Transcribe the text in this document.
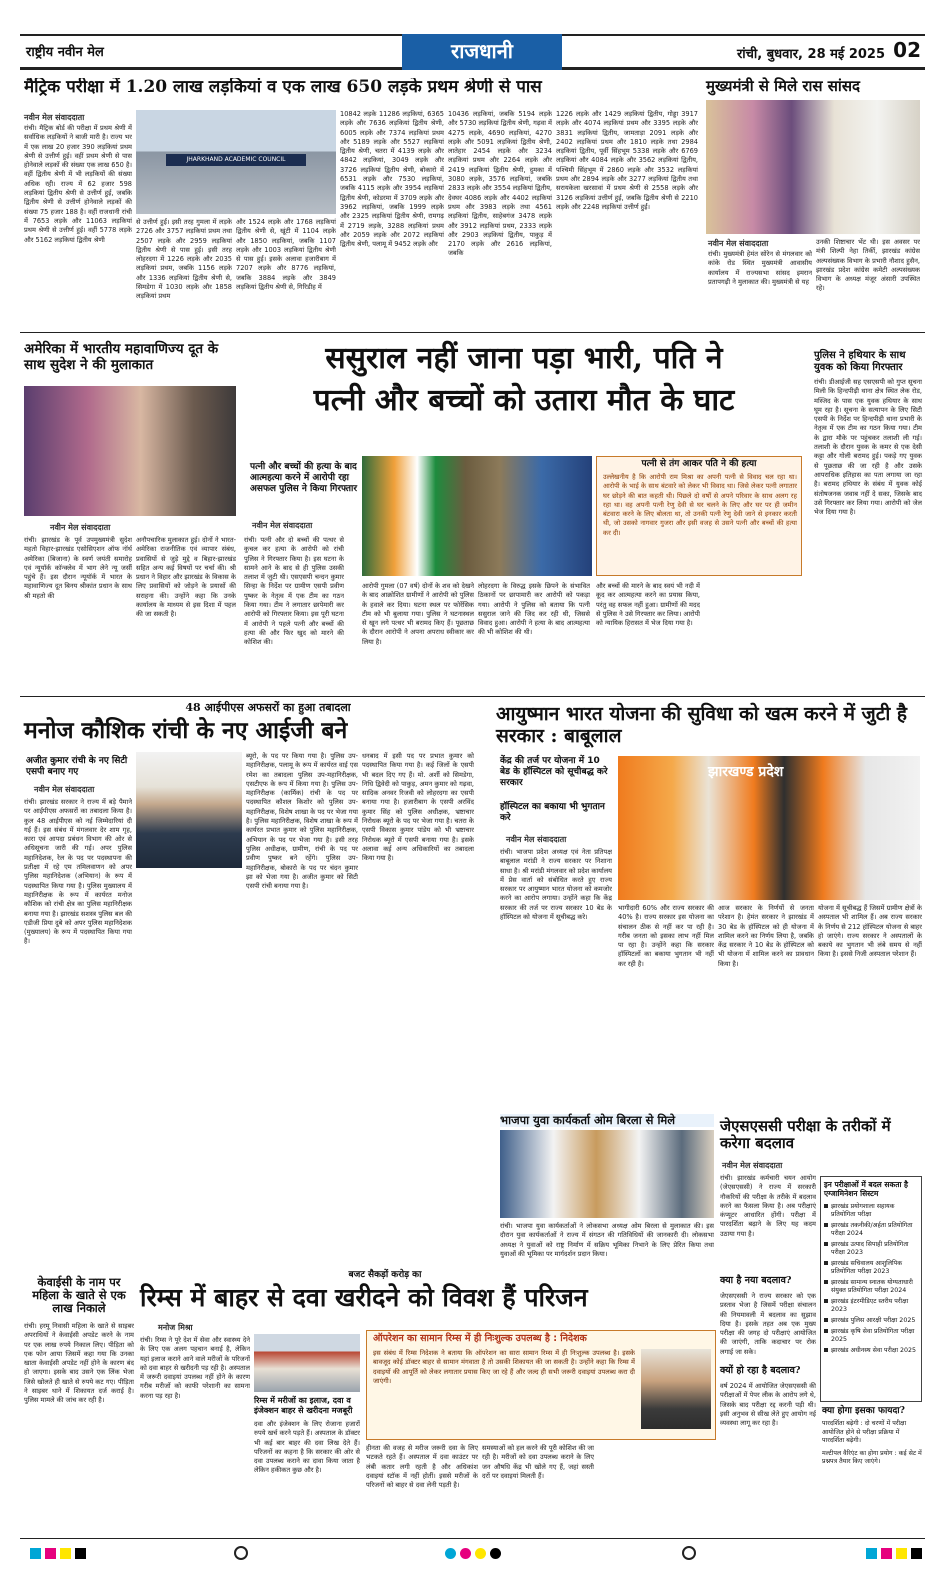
राष्ट्रीय नवीन मेल	राजधानी	रांची, बुधवार, 28 मई 2025 02
मैट्रिक परीक्षा में 1.20 लाख लड़कियां व एक लाख 650 लड़के प्रथम श्रेणी से पास
नवीन मेल संवाददाता
रांची। मैट्रिक बोर्ड की परीक्षा में प्रथम श्रेणी में सर्वाधिक लड़कियों ने बाजी मारी है। राज्य भर में एक लाख 20 हजार 390 लड़कियां प्रथम श्रेणी से उत्तीर्ण हुई। वहीं प्रथम श्रेणी से पास होनेवाले लड़कों की संख्या एक लाख 650 है। वहीं द्वितीय श्रेणी में भी लड़कियों की संख्या अधिक रही। राज्य में 62 हजार 598 लड़कियां द्वितीय श्रेणी से उत्तीर्ण हुई, जबकि द्वितीय श्रेणी से उत्तीर्ण होनेवाले लड़कों की संख्या 75 हजार 188 है। वहीं राजधानी रांची में 7653 लड़के और 11063 लड़कियां प्रथम श्रेणी से उत्तीर्ण हुई। वहीं 5778 लड़के और 5162 लड़कियां द्वितीय श्रेणी
JHARKHAND ACADEMIC COUNCIL
से उत्तीर्ण हुईं। इसी तरह गुमला में लड़के 2726 और 3757 लड़कियां प्रथम तथा 2507 लड़के और 2959 लड़कियां द्वितीय श्रेणी से पास हुई। इसी तरह लोहरदगा में 1226 लड़के और 2035 लड़कियां प्रथम, जबकि 1156 लड़के और 1336 लड़कियां द्वितीय श्रेणी से, सिमडेगा में 1030 लड़के और 1858 लड़कियां प्रथम
और 1524 लड़के और 1768 लड़कियां द्वितीय श्रेणी से, खूंटी में 1104 लड़के और 1850 लड़कियां, जबकि 1107 लड़के और 1003 लड़कियां द्वितीय श्रेणी से पास हुई। इसके अलावा हजारीबाग में 7207 लड़के और 8776 लड़कियां, जबकि 3884 लड़के और 3849 लड़कियां द्वितीय श्रेणी से, गिरिडीह में
10842 लड़के 11286 लड़कियां, 6365 लड़के और 7636 लड़कियां द्वितीय श्रेणी, 6005 लड़के और 7374 लड़कियां प्रथम और 5189 लड़के और 5527 लड़कियां द्वितीय श्रेणी, चतरा में 4139 लड़के और 4842 लड़कियां, 3049 लड़के और 3726 लड़कियां द्वितीय श्रेणी, बोकारो में 6531 लड़के और 7530 लड़कियां, जबकि 4115 लड़के और 3954 लड़कियां द्वितीय श्रेणी, कोडरमा में 3709 लड़के और 3962 लड़कियां, जबकि 1999 लड़के और 2325 लड़कियां द्वितीय श्रेणी, रामगढ़ में 2719 लड़के, 3288 लड़कियां प्रथम और 2059 लड़के और 2072 लड़कियां द्वितीय श्रेणी, पलामू में 9452 लड़के और
10436 लड़कियां, जबकि 5194 लड़के और 5730 लड़कियां द्वितीय श्रेणी, गढ़वा में 4275 लड़के, 4690 लड़कियां, 4270 लड़के और 5091 लड़कियां द्वितीय श्रेणी, लातेहार 2454 लड़के और 3234 लड़कियां प्रथम और 2264 लड़के और 2419 लड़कियां द्वितीय श्रेणी, दुमका में 3080 लड़के, 3576 लड़कियां, जबकि 2833 लड़के और 3554 लड़कियां द्वितीय, देवघर 4086 लड़के और 4402 लड़कियां प्रथम और 3983 लड़के तथा 4561 लड़कियां द्वितीय, साहेबगंज 3478 लड़के और 3912 लड़कियां प्रथम, 2333 लड़के और 2903 लड़कियां द्वितीय, पाकुड़ में 2170 लड़के और 2616 लड़कियां, जबकि
1226 लड़के और 1429 लड़कियां द्वितीय, गोड्डा 3917 लड़के और 4074 लड़कियां प्रथम और 3395 लड़के और 3831 लड़कियां द्वितीय, जामताड़ा 2091 लड़के और 2402 लड़कियां प्रथम और 1810 लड़के तथा 2984 लड़कियां द्वितीय, पूर्वी सिंहभूम 5338 लड़के और 6769 लड़कियां और 4084 लड़के और 3562 लड़कियां द्वितीय, पश्चिमी सिंहभूम में 2860 लड़के और 3532 लड़कियां प्रथम और 2894 लड़के और 3277 लड़कियां द्वितीय तथा सरायकेला खरसावां में प्रथम श्रेणी से 2558 लड़के और 3126 लड़कियां उत्तीर्ण हुई, जबकि द्वितीय श्रेणी से 2210 लड़के और 2248 लड़कियां उत्तीर्ण हुईं।
मुख्यमंत्री से मिले रास सांसद
नवीन मेल संवाददाता
रांची। मुख्यमंत्री हेमंत सोरेन से मंगलवार को कांके रोड स्थित मुख्यमंत्री आवासीय कार्यालय में राज्यसभा सांसद इमरान प्रतापगढ़ी ने मुलाकात की। मुख्यमंत्री से यह
उनकी शिष्टाचार भेंट थी। इस अवसर पर मंत्री शिल्पी नेहा तिर्की, झारखंड कांग्रेस अल्पसंख्यक विभाग के प्रभारी नौशाद हुसैन, झारखंड प्रदेश कांग्रेस कमेटी अल्पसंख्यक विभाग के अध्यक्ष मंजूर अंसारी उपस्थित रहे।
अमेरिका में भारतीय महावाणिज्य दूत के साथ सुदेश ने की मुलाकात
नवीन मेल संवाददाता
रांची। झारखंड के पूर्व उपमुख्यमंत्री सुदेश महतो विहार-झारखंड एसोसिएशन ऑफ नॉर्थ अमेरिका (बिजाना) के स्वर्ण जयंती समारोह एवं न्यूयॉर्क कॉन्क्लेव में भाग लेने न्यू जर्सी पहुंचे हैं। इस दौरान न्यूयॉर्क में भारत के महावाणिज्य दूत बिनय श्रीकांत प्रधान के साथ श्री महतो की
ससुराल नहीं जाना पड़ा भारी, पति ने
पत्नी और बच्चों को उतारा मौत के घाट
पत्नी और बच्चों की हत्या के बाद आत्महत्या करने में आरोपी रहा असफल पुलिस ने किया गिरफ्तार
नवीन मेल संवाददाता
अनौपचारिक मुलाकात हुई। दोनों ने भारत-अमेरिका राजनीतिक एवं व्यापार संबंध, प्रवासियों से जुड़े मुद्दे व बिहार-झारखंड सहित अन्य कई विषयों पर चर्चा की। श्री प्रधान ने विहार और झारखंड के विकास के लिए प्रवासियों को जोड़ने के प्रयासों की सराहना की। उन्होंने कहा कि उनके कार्यालय के माध्यम से इस दिशा में पहल की जा सकती है।
रांची। पत्नी और दो बच्चों की पत्थर से कुचल कर हत्या के आरोपी को रांची पुलिस ने गिरफ्तार किया है। इस घटना के सामने आने के बाद से ही पुलिस उसकी तलाश में जुटी थी। एसएसपी चन्दन कुमार सिन्हा के निर्देश पर ग्रामीण एसपी प्रवीण पुष्कर के नेतृत्व में एक टीम का गठन किया गया। टीम ने लगातार छापेमारी कर आरोपी को गिरफ्तार किया। इस पूरी घटना में आरोपी ने पहले पत्नी और बच्चों की हत्या की और फिर खुद को मारने की कोशिश की।
आरोपी गुमला (07 वर्ष) दोनों के शव को देखने के बाद आक्रोशित ग्रामीणों ने आरोपी को पुलिस के हवाले कर दिया। घटना स्थल पर फोरेंसिक टीम को भी बुलाया गया। पुलिस ने घटनास्थल से खून लगे पत्थर भी बरामद किए हैं। पूछताछ के दौरान आरोपी ने अपना अपराध स्वीकार कर लिया है।
लोहरदगा के विरुद्ध इसके छिपने के संभावित ठिकानों पर छापामारी कर आरोपी को पकड़ा गया। आरोपी ने पुलिस को बताया कि पत्नी ससुराल जाने की जिद कर रही थी, जिससे विवाद हुआ। आरोपी ने हत्या के बाद आत्महत्या की भी कोशिश की थी।
पत्नी से तंग आकर पति ने की हत्या
उल्लेखनीय है कि आरोपी राम मिश्रा का अपनी पत्नी से विवाद चल रहा था। आरोपी के भाई के साथ बंटवारे को लेकर भी विवाद था। जिसे लेकर पत्नी लगातार घर छोड़ने की बात कहती थी। पिछले दो वर्षों से अपने परिवार के साथ अलग रह रहा था। वह अपनी पत्नी रेणु देवी से घर चलने के लिए और घर पर ही जमीन बंटवारा करने के लिए बोलता था, तो उनकी पत्नी रेणु देवी जाने से इनकार करती थी, जो उसको नागवार गुजरा और इसी वजह से उसने पत्नी और बच्चों की हत्या कर दी।
और बच्चों की मारने के बाद स्वयं भी नदी में कूद कर आत्महत्या करने का प्रयास किया, परंतु वह सफल नहीं हुआ। ग्रामीणों की मदद से पुलिस ने उसे गिरफ्तार कर लिया। आरोपी को न्यायिक हिरासत में भेज दिया गया है।
पुलिस ने हथियार के साथ युवक को किया गिरफ्तार
रांची। डीआईजी सह एसएसपी को गुप्त सूचना मिली कि हिन्दपीढ़ी थाना क्षेत्र स्थित लेक रोड, मस्जिद के पास एक युवक हथियार के साथ घूम रहा है। सूचना के सत्यापन के लिए सिटी एसपी के निर्देश पर हिन्दपीढ़ी थाना प्रभारी के नेतृत्व में एक टीम का गठन किया गया। टीम के द्वारा मौके पर पहुंचकर तलाशी ली गई। तलाशी के दौरान युवक के कमर से एक देसी कट्टा और गोली बरामद हुई। पकड़े गए युवक से पूछताछ की जा रही है और उसके आपराधिक इतिहास का पता लगाया जा रहा है। बरामद हथियार के संबंध में युवक कोई संतोषजनक जवाब नहीं दे सका, जिसके बाद उसे गिरफ्तार कर लिया गया। आरोपी को जेल भेज दिया गया है।
48 आईपीएस अफसरों का हुआ तबादला
मनोज कौशिक रांची के नए आईजी बने
अजीत कुमार रांची के नए सिटी एसपी बनाए गए
नवीन मेल संवाददाता
रांची। झारखंड सरकार ने राज्य में बड़े पैमाने पर आईपीएस अफसरों का तबादला किया है। कुल 48 आईपीएस को नई जिम्मेदारियां दी गई हैं। इस संबंध में मंगलवार देर शाम गृह, कारा एवं आपदा प्रबंधन विभाग की ओर से अधिसूचना जारी की गई। अपर पुलिस महानिदेशक, रेल के पद पर पदस्थापना की प्रतीक्षा में रहे एम तमिलवाणन को अपर पुलिस महानिदेशक (अभियान) के रूप में पदस्थापित किया गया है। पुलिस मुख्यालय में महानिरीक्षक के रूप में कार्यरत मनोज कौशिक को रांची क्षेत्र का पुलिस महानिरीक्षक बनाया गया है। झारखंड सशस्त्र पुलिस बल की एडीजी प्रिया दुबे को अपर पुलिस महानिदेशक (मुख्यालय) के रूप में पदस्थापित किया गया है।
ब्यूरो, के पद पर किया गया है। पुलिस उप-महानिरीक्षक, पलामू के रूप में कार्यरत वाई एस रमेश का तबादला पुलिस उप-महानिरीक्षक, एसटीएफ के रूप में किया गया है। पुलिस उप-महानिरीक्षक (कार्मिक) रांची के पद पर पदस्थापित कौशल किशोर को पुलिस उप-महानिरीक्षक, विशेष शाखा के पद पर भेजा गया है। पुलिस महानिरीक्षक, विशेष शाखा के रूप में कार्यरत प्रभात कुमार को पुलिस महानिरीक्षक, अभियान के पद पर भेजा गया है। इसी तरह पुलिस अधीक्षक, ग्रामीण, रांची के पद पर प्रवीण पुष्कर बने रहेंगे। पुलिस उप-महानिरीक्षक, बोकारो के पद पर चंदन कुमार झा को भेजा गया है। अजीत कुमार को सिटी एसपी रांची बनाया गया है।
धनबाद में इसी पद पर प्रभात कुमार को पदस्थापित किया गया है। कई जिलों के एसपी भी बदल दिए गए हैं। मो. अर्शी को सिमडेगा, निधि द्विवेदी को पाकुड़, अमन कुमार को गढ़वा, सादिक अनवर रिजवी को लोहरदगा का एसपी बनाया गया है। हजारीबाग के एसपी अरविंद कुमार सिंह को पुलिस अधीक्षक, भ्रष्टाचार निरोधक ब्यूरो के पद पर भेजा गया है। चतरा के एसपी विकास कुमार पांडेय को भी भ्रष्टाचार निरोधक ब्यूरो में एसपी बनाया गया है। इसके अलावा कई अन्य अधिकारियों का तबादला किया गया है।
आयुष्मान भारत योजना की सुविधा को खत्म करने में जुटी है सरकार : बाबूलाल
केंद्र की तर्ज पर योजना में 10 बेड के हॉस्पिटल को सूचीबद्ध करे सरकार
हॉस्पिटल का बकाया भी भुगतान करे
नवीन मेल संवाददाता
रांची। भाजपा प्रदेश अध्यक्ष एवं नेता प्रतिपक्ष बाबूलाल मरांडी ने राज्य सरकार पर निशाना साधा है। श्री मरांडी मंगलवार को प्रदेश कार्यालय में प्रेस वार्ता को संबोधित करते हुए राज्य सरकार पर आयुष्मान भारत योजना को कमजोर करने का आरोप लगाया। उन्होंने कहा कि केंद्र सरकार की तर्ज पर राज्य सरकार 10 बेड के हॉस्पिटल को योजना में सूचीबद्ध करे।
झारखण्ड प्रदेश
भागीदारी 60% और राज्य सरकार की 40% है। राज्य सरकार इस योजना का संचालन ठीक से नहीं कर पा रही है। गरीब जनता को इसका लाभ नहीं मिल पा रहा है। उन्होंने कहा कि सरकार हॉस्पिटलों का बकाया भुगतान भी नहीं कर रही है।
आज सरकार के निर्णयों से जनता परेशान है। हेमंत सरकार ने झारखंड में 30 बेड के हॉस्पिटल को ही योजना में शामिल करने का निर्णय लिया है, जबकि केंद्र सरकार ने 10 बेड के हॉस्पिटल को भी योजना में शामिल करने का प्रावधान किया है।
योजना में सूचीबद्ध हैं जिसमें ग्रामीण क्षेत्रों के अस्पताल भी शामिल हैं। अब राज्य सरकार के निर्णय से 212 हॉस्पिटल योजना से बाहर हो जाएंगे। राज्य सरकार ने अस्पतालों के बकाये का भुगतान भी लंबे समय से नहीं किया है। इससे निजी अस्पताल परेशान हैं।
भाजपा युवा कार्यकर्ता ओम बिरला से मिले
रांची। भाजपा युवा कार्यकर्ताओं ने लोकसभा अध्यक्ष ओम बिरला से मुलाकात की। इस दौरान युवा कार्यकर्ताओं ने राज्य में संगठन की गतिविधियों की जानकारी दी। लोकसभा अध्यक्ष ने युवाओं को राष्ट्र निर्माण में सक्रिय भूमिका निभाने के लिए प्रेरित किया तथा युवाओं की भूमिका पर मार्गदर्शन प्रदान किया।
जेएसएससी परीक्षा के तरीकों में करेगा बदलाव
नवीन मेल संवाददाता
रांची। झारखंड कर्मचारी चयन आयोग (जेएसएससी) ने राज्य में सरकारी नौकरियों की परीक्षा के तरीके में बदलाव करने का फैसला किया है। अब परीक्षाएं कंप्यूटर आधारित होंगी। परीक्षा में पारदर्शिता बढ़ाने के लिए यह कदम उठाया गया है।
क्या है नया बदलाव?
जेएसएससी ने राज्य सरकार को एक प्रस्ताव भेजा है जिसमें परीक्षा संचालन की नियमावली में बदलाव का सुझाव दिया है। इसके तहत अब एक मुख्य परीक्षा की जगह दो परीक्षाएं आयोजित की जाएंगी, ताकि कदाचार पर रोक लगाई जा सके।
क्यों हो रहा है बदलाव?
वर्ष 2024 में आयोजित जेएसएससी की परीक्षाओं में पेपर लीक के आरोप लगे थे, जिसके बाद परीक्षा रद्द करनी पड़ी थी। इसी अनुभव से सीख लेते हुए आयोग नई व्यवस्था लागू कर रहा है।
इन परीक्षाओं में बदल सकता है एग्जामिनेशन सिस्टम
झारखंड प्रयोगशाला सहायक प्रतियोगिता परीक्षा
झारखंड तकनीकी/अर्हता प्रतियोगिता परीक्षा 2024
झारखंड उत्पाद सिपाही प्रतियोगिता परीक्षा 2023
झारखंड सचिवालय आशुलिपिक प्रतियोगिता परीक्षा 2023
झारखंड सामान्य स्नातक योग्यताधारी संयुक्त प्रतियोगिता परीक्षा 2024
झारखंड इंटरमीडिएट स्तरीय परीक्षा 2023
झारखंड पुलिस आरक्षी परीक्षा 2025
झारखंड कृषि सेवा प्रतियोगिता परीक्षा 2025
झारखंड अधीनस्थ सेवा परीक्षा 2025
क्या होगा इसका फायदा?
पारदर्शिता बढ़ेगी : दो चरणों में परीक्षा आयोजित होने से परीक्षा प्रक्रिया में पारदर्शिता बढ़ेगी।
मल्टीपल वैरिएंट का होगा प्रयोग : कई सेट में प्रश्नपत्र तैयार किए जाएंगे।
केवाईसी के नाम पर महिला के खाते से एक लाख निकाले
रांची। हरमू निवासी महिला के खाते से साइबर अपराधियों ने केवाईसी अपडेट करने के नाम पर एक लाख रुपये निकाल लिए। पीड़िता को एक फोन आया जिसमें कहा गया कि उनका खाता केवाईसी अपडेट नहीं होने के कारण बंद हो जाएगा। इसके बाद उसने एक लिंक भेजा जिसे खोलते ही खाते से रुपये कट गए। पीड़िता ने साइबर थाने में शिकायत दर्ज कराई है। पुलिस मामले की जांच कर रही है।
बजट सैकड़ों करोड़ का
रिम्स में बाहर से दवा खरीदने को विवश हैं परिजन
मनोज मिश्रा
रांची। रिम्स ने पूरे देश में सेवा और स्वास्थ्य देने के लिए एक अलग पहचान बनाई है, लेकिन यहां इलाज कराने आने वाले मरीजों के परिजनों को दवा बाहर से खरीदनी पड़ रही है। अस्पताल में जरूरी दवाइयां उपलब्ध नहीं होने के कारण गरीब मरीजों को काफी परेशानी का सामना करना पड़ रहा है।
रिम्स में मरीजों का इलाज, दवा व इंजेक्शन बाहर से खरीदना मजबूरी
दवा और इंजेक्शन के लिए रोजाना हजारों रुपये खर्च करने पड़ते हैं। अस्पताल के डॉक्टर भी कई बार बाहर की दवा लिख देते हैं। परिजनों का कहना है कि सरकार की ओर से दवा उपलब्ध कराने का दावा किया जाता है लेकिन हकीकत कुछ और है।
ऑपरेशन का सामान रिम्स में ही निःशुल्क उपलब्ध है : निदेशक
इस संबंध में रिम्स निदेशक ने बताया कि ऑपरेशन का सारा सामान रिम्स में ही निःशुल्क उपलब्ध है। इसके बावजूद कोई डॉक्टर बाहर से सामान मंगवाता है तो उसकी शिकायत की जा सकती है। उन्होंने कहा कि रिम्स में दवाइयों की आपूर्ति को लेकर लगातार प्रयास किए जा रहे हैं और जल्द ही सभी जरूरी दवाइयां उपलब्ध करा दी जाएंगी।
हीनता की वजह से मरीज जरूरी दवा के लिए भटकते रहते हैं। अस्पताल में दवा काउंटर पर लंबी कतार लगी रहती है और अधिकांश दवाइयां स्टॉक में नहीं होतीं। इससे मरीजों के परिजनों को बाहर से दवा लेनी पड़ती है।
समस्याओं को हल करने की पूरी कोशिश की जा रही है। मरीजों को दवा उपलब्ध कराने के लिए जन औषधि केंद्र भी खोले गए हैं, जहां सस्ती दरों पर दवाइयां मिलती हैं।
